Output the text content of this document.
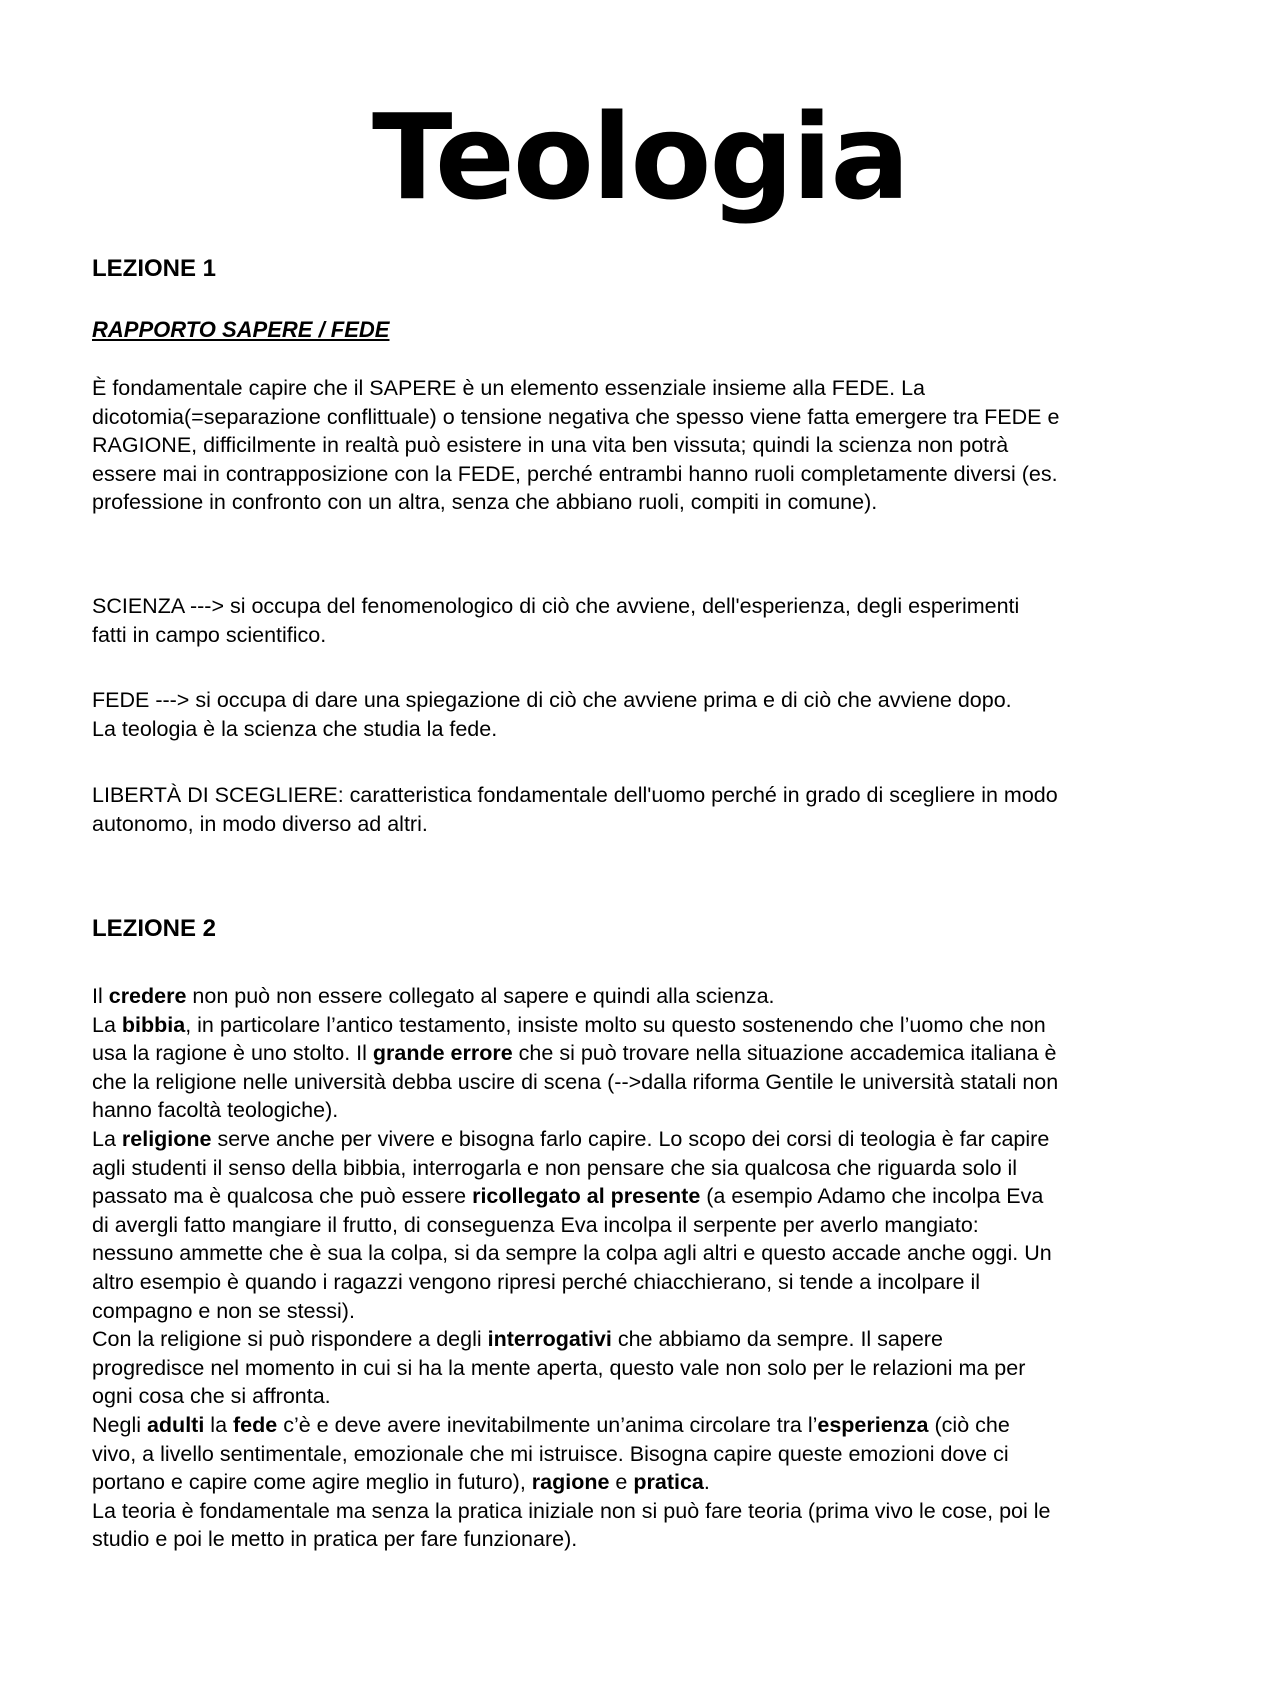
Teologia
LEZIONE 1
RAPPORTO SAPERE / FEDE

È fondamentale capire che il SAPERE è un elemento essenziale insieme alla FEDE. La
dicotomia(=separazione conflittuale) o tensione negativa che spesso viene fatta emergere tra FEDE e
RAGIONE, difficilmente in realtà può esistere in una vita ben vissuta; quindi la scienza non potrà
essere mai in contrapposizione con la FEDE, perché entrambi hanno ruoli completamente diversi (es.
professione in confronto con un altra, senza che abbiano ruoli, compiti in comune).

SCIENZA ---> si occupa del fenomenologico di ciò che avviene, dell'esperienza, degli esperimenti
fatti in campo scientifico.

FEDE ---> si occupa di dare una spiegazione di ciò che avviene prima e di ciò che avviene dopo.
La teologia è la scienza che studia la fede.

LIBERTÀ DI SCEGLIERE: caratteristica fondamentale dell'uomo perché in grado di scegliere in modo
autonomo, in modo diverso ad altri.

LEZIONE 2

Il credere non può non essere collegato al sapere e quindi alla scienza.
La bibbia, in particolare l’antico testamento, insiste molto su questo sostenendo che l’uomo che non
usa la ragione è uno stolto. Il grande errore che si può trovare nella situazione accademica italiana è
che la religione nelle università debba uscire di scena (-->dalla riforma Gentile le università statali non
hanno facoltà teologiche).
La religione serve anche per vivere e bisogna farlo capire. Lo scopo dei corsi di teologia è far capire
agli studenti il senso della bibbia, interrogarla e non pensare che sia qualcosa che riguarda solo il
passato ma è qualcosa che può essere ricollegato al presente (a esempio Adamo che incolpa Eva
di avergli fatto mangiare il frutto, di conseguenza Eva incolpa il serpente per averlo mangiato:
nessuno ammette che è sua la colpa, si da sempre la colpa agli altri e questo accade anche oggi. Un
altro esempio è quando i ragazzi vengono ripresi perché chiacchierano, si tende a incolpare il
compagno e non se stessi).
Con la religione si può rispondere a degli interrogativi che abbiamo da sempre. Il sapere
progredisce nel momento in cui si ha la mente aperta, questo vale non solo per le relazioni ma per
ogni cosa che si affronta.
Negli adulti la fede c’è e deve avere inevitabilmente un’anima circolare tra l’esperienza (ciò che
vivo, a livello sentimentale, emozionale che mi istruisce. Bisogna capire queste emozioni dove ci
portano e capire come agire meglio in futuro), ragione e pratica.
La teoria è fondamentale ma senza la pratica iniziale non si può fare teoria (prima vivo le cose, poi le
studio e poi le metto in pratica per fare funzionare).
